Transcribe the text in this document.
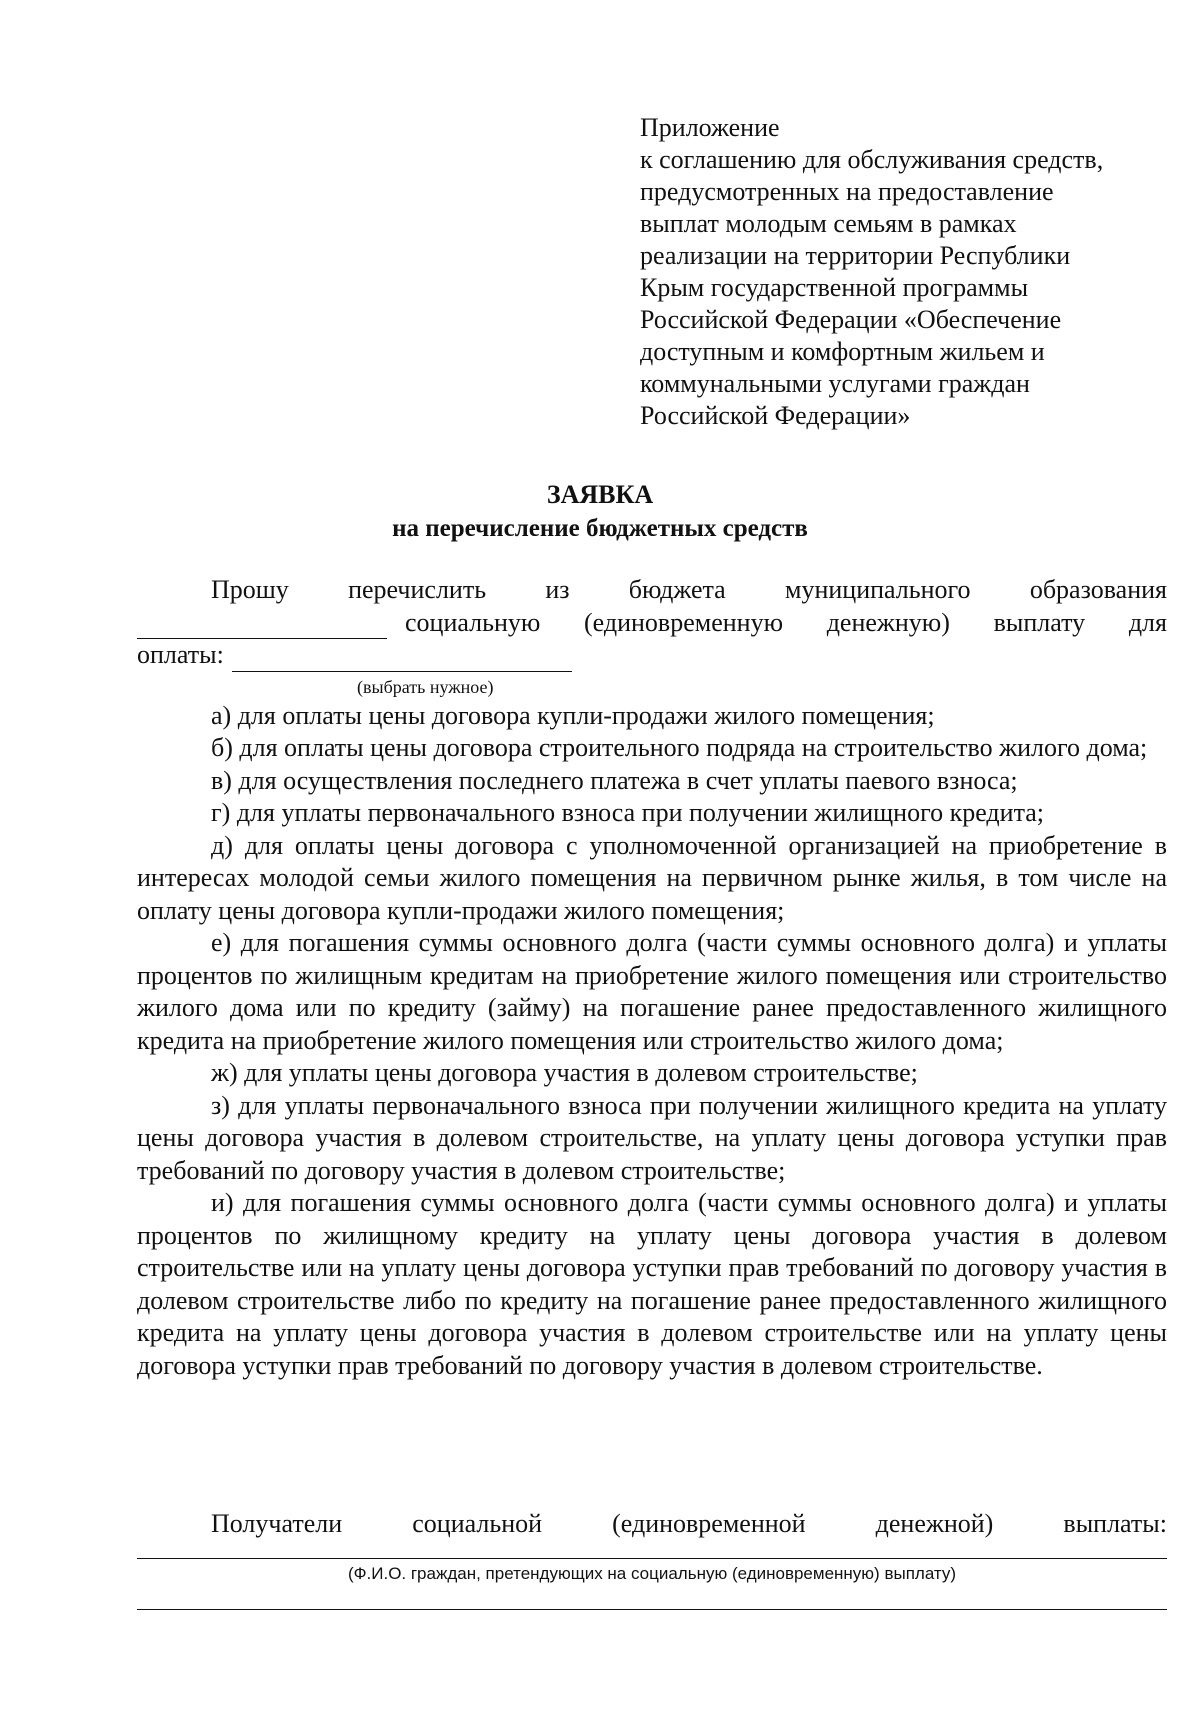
Приложение
к соглашению для обслуживания средств,
предусмотренных на предоставление
выплат молодым семьям в рамках
реализации на территории Республики
Крым государственной программы
Российской Федерации «Обеспечение
доступным и комфортным жильем и
коммунальными услугами граждан
Российской Федерации»
ЗАЯВКА
на перечисление бюджетных средств
Прошу перечислить из бюджета муниципального образования
социальную (единовременную денежную) выплату для
оплаты:
(выбрать нужное)

а) для оплаты цены договора купли-продажи жилого помещения;

б) для оплаты цены договора строительного подряда на строительство жилого дома;

в) для осуществления последнего платежа в счет уплаты паевого взноса;

г) для уплаты первоначального взноса при получении жилищного кредита;

д) для оплаты цены договора с уполномоченной организацией на приобретение в интересах молодой семьи жилого помещения на первичном рынке жилья, в том числе на оплату цены договора купли-продажи жилого помещения;

е) для погашения суммы основного долга (части суммы основного долга) и уплаты процентов по жилищным кредитам на приобретение жилого помещения или строительство жилого дома или по кредиту (займу) на погашение ранее предоставленного жилищного кредита на приобретение жилого помещения или строительство жилого дома;

ж) для уплаты цены договора участия в долевом строительстве;

з) для уплаты первоначального взноса при получении жилищного кредита на уплату цены договора участия в долевом строительстве, на уплату цены договора уступки прав требований по договору участия в долевом строительстве;

и) для погашения суммы основного долга (части суммы основного долга) и уплаты процентов по жилищному кредиту на уплату цены договора участия в долевом строительстве или на уплату цены договора уступки прав требований по договору участия в долевом строительстве либо по кредиту на погашение ранее предоставленного жилищного кредита на уплату цены договора участия в долевом строительстве или на уплату цены договора уступки прав требований по договору участия в долевом строительстве.

Получатели	социальной	(единовременной	денежной)	выплаты:
(Ф.И.О. граждан, претендующих на социальную (единовременную) выплату)
